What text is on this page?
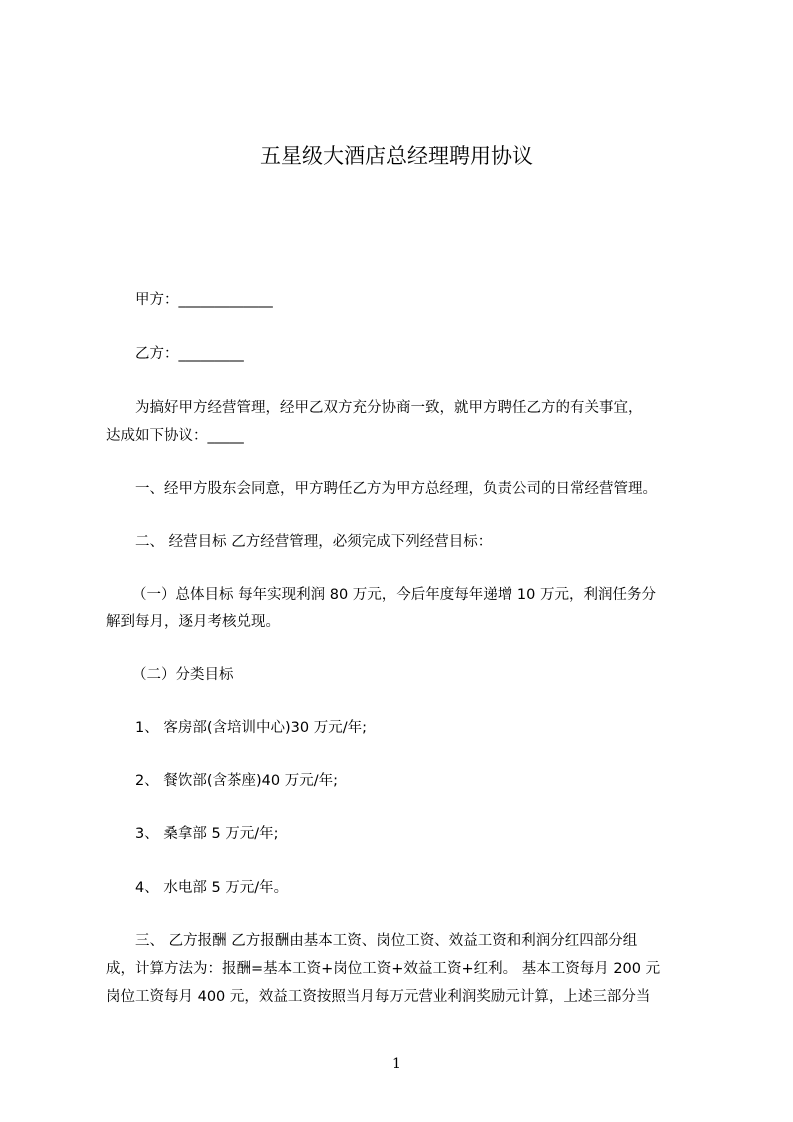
五星级大酒店总经理聘用协议
甲方：_____________
乙方：_________
为搞好甲方经营管理，经甲乙双方充分协商一致，就甲方聘任乙方的有关事宜，
达成如下协议：_____
一、经甲方股东会同意，甲方聘任乙方为甲方总经理，负责公司的日常经营管理。
二、 经营目标 乙方经营管理，必须完成下列经营目标：
（一）总体目标 每年实现利润 80 万元，今后年度每年递增 10 万元，利润任务分
解到每月，逐月考核兑现。
（二）分类目标
1、 客房部(含培训中心)30 万元/年;
2、 餐饮部(含茶座)40 万元/年;
3、 桑拿部 5 万元/年;
4、 水电部 5 万元/年。
三、 乙方报酬 乙方报酬由基本工资、岗位工资、效益工资和利润分红四部分组
成，计算方法为：报酬=基本工资+岗位工资+效益工资+红利。 基本工资每月 200 元
岗位工资每月 400 元，效益工资按照当月每万元营业利润奖励元计算，上述三部分当
1
